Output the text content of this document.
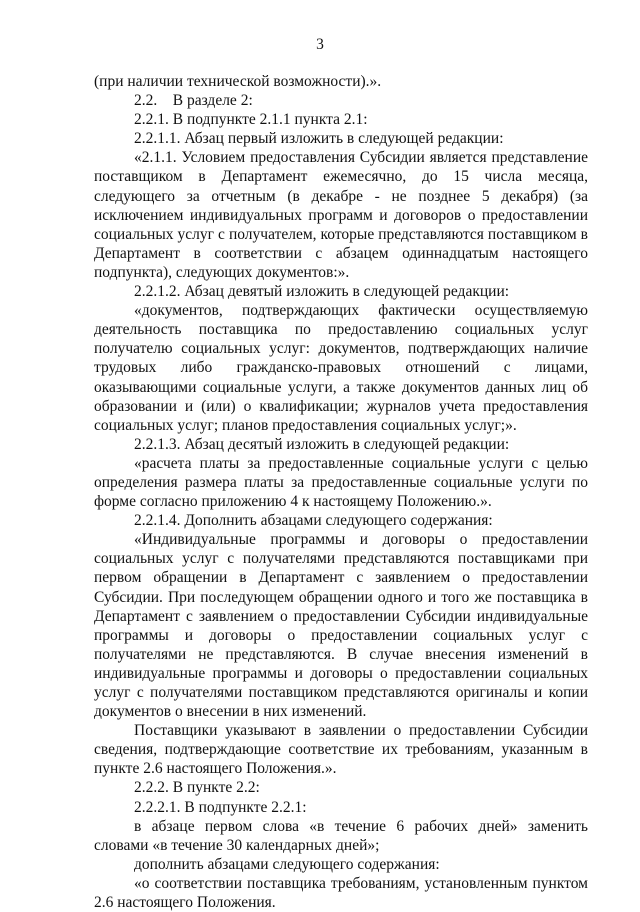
3

(при наличии технической возможности).».

2.2.    В разделе 2:

2.2.1. В подпункте 2.1.1 пункта 2.1:

2.2.1.1. Абзац первый изложить в следующей редакции:

«2.1.1. Условием предоставления Субсидии является представление поставщиком в Департамент ежемесячно, до 15 числа месяца, следующего за отчетным (в декабре - не позднее 5 декабря) (за исключением индивидуальных программ и договоров о предоставлении социальных услуг с получателем, которые представляются поставщиком в Департамент в соответствии с абзацем одиннадцатым настоящего подпункта), следующих документов:».

2.2.1.2. Абзац девятый изложить в следующей редакции:

«документов, подтверждающих фактически осуществляемую деятельность поставщика по предоставлению социальных услуг получателю социальных услуг: документов, подтверждающих наличие трудовых либо гражданско-правовых отношений с лицами, оказывающими социальные услуги, а также документов данных лиц об образовании и (или) о квалификации; журналов учета предоставления социальных услуг; планов предоставления социальных услуг;».

2.2.1.3. Абзац десятый изложить в следующей редакции:

«расчета платы за предоставленные социальные услуги с целью определения размера платы за предоставленные социальные услуги по форме согласно приложению 4 к настоящему Положению.».

2.2.1.4. Дополнить абзацами следующего содержания:

«Индивидуальные программы и договоры о предоставлении социальных услуг с получателями представляются поставщиками при первом обращении в Департамент с заявлением о предоставлении Субсидии. При последующем обращении одного и того же поставщика в Департамент с заявлением о предоставлении Субсидии индивидуальные программы и договоры о предоставлении социальных услуг с получателями не представляются. В случае внесения изменений в индивидуальные программы и договоры о предоставлении социальных услуг с получателями поставщиком представляются оригиналы и копии документов о внесении в них изменений.

Поставщики указывают в заявлении о предоставлении Субсидии сведения, подтверждающие соответствие их требованиям, указанным в пункте 2.6 настоящего Положения.».

2.2.2. В пункте 2.2:

2.2.2.1. В подпункте 2.2.1:

в абзаце первом слова «в течение 6 рабочих дней» заменить словами «в течение 30 календарных дней»;

дополнить абзацами следующего содержания:

«о соответствии поставщика требованиям, установленным пунктом 2.6 настоящего Положения.
